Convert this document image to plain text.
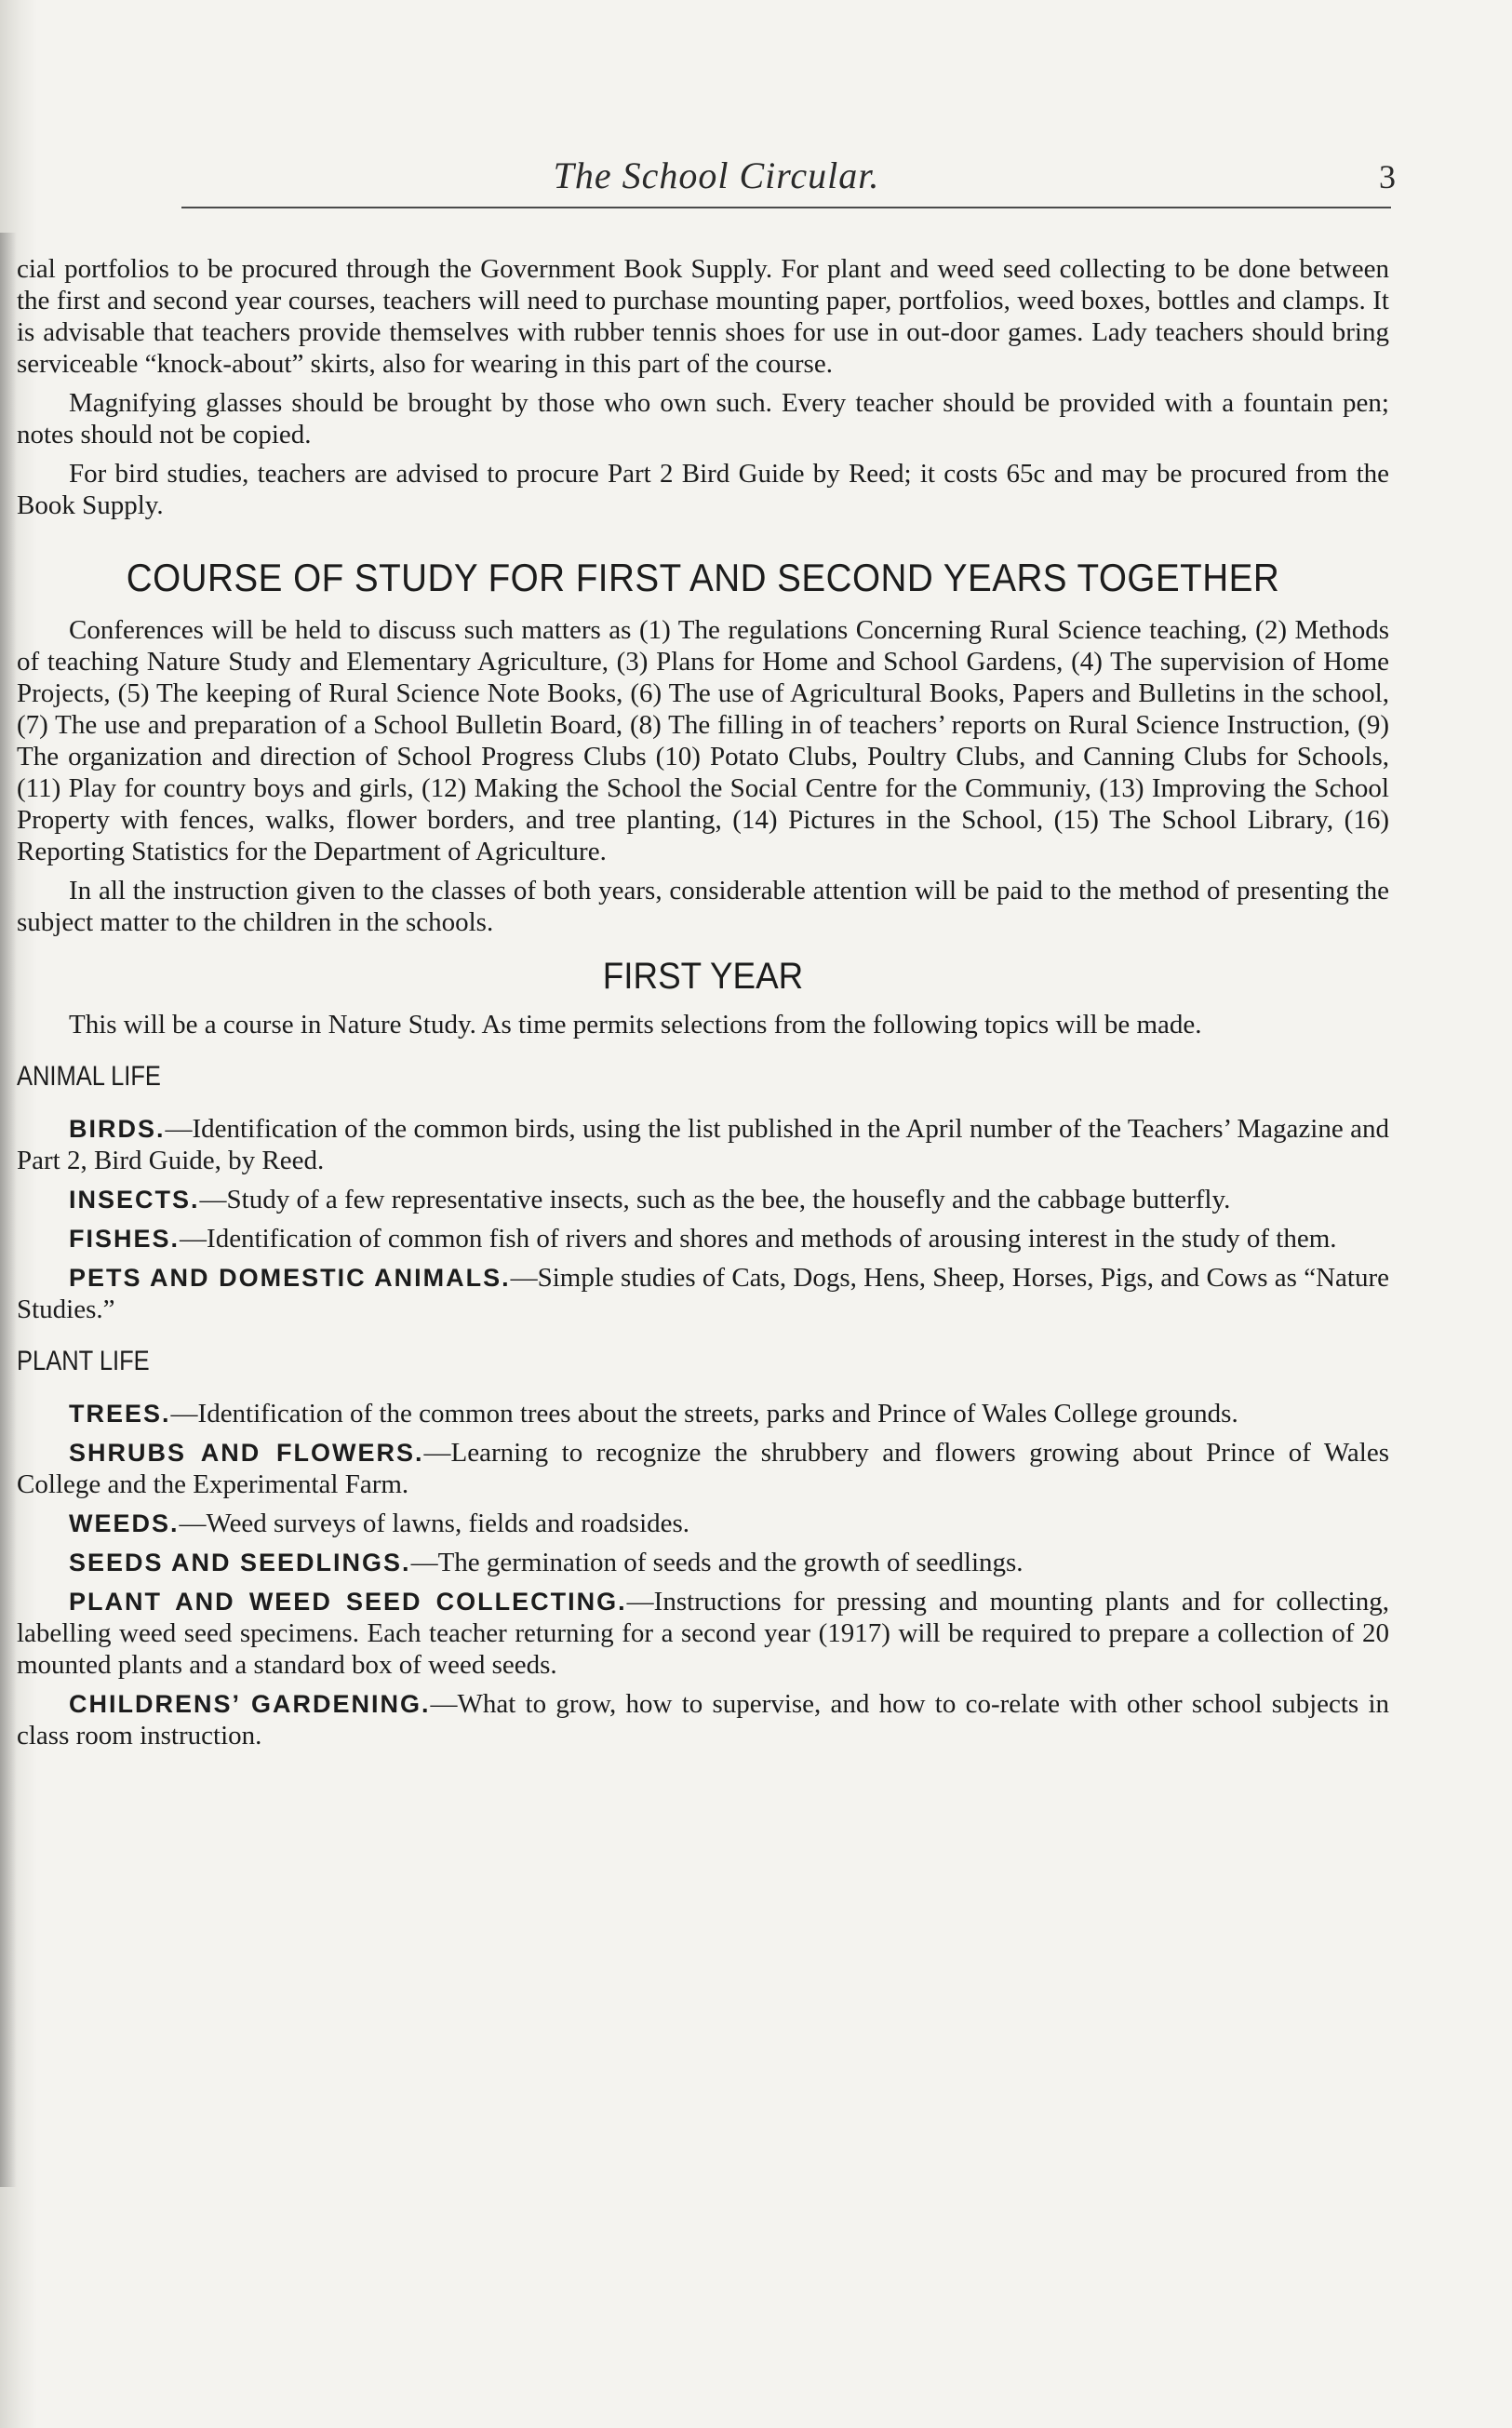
The School Circular.	3

cial portfolios to be procured through the Government Book Supply. For plant and weed seed collecting to be done between the first and second year courses, teachers will need to purchase mounting paper, portfolios, weed boxes, bottles and clamps. It is advisable that teachers provide themselves with rubber tennis shoes for use in out-door games. Lady teachers should bring serviceable “knock-about” skirts, also for wearing in this part of the course.

Magnifying glasses should be brought by those who own such. Every teacher should be provided with a fountain pen; notes should not be copied.

For bird studies, teachers are advised to procure Part 2 Bird Guide by Reed; it costs 65c and may be procured from the Book Supply.

COURSE OF STUDY FOR FIRST AND SECOND YEARS TOGETHER

Conferences will be held to discuss such matters as (1) The regulations Concerning Rural Science teaching, (2) Methods of teaching Nature Study and Elementary Agriculture, (3) Plans for Home and School Gardens, (4) The supervision of Home Projects, (5) The keeping of Rural Science Note Books, (6) The use of Agricultural Books, Papers and Bulletins in the school, (7) The use and preparation of a School Bulletin Board, (8) The filling in of teachers’ reports on Rural Science Instruction, (9) The organization and direction of School Progress Clubs (10) Potato Clubs, Poultry Clubs, and Canning Clubs for Schools, (11) Play for country boys and girls, (12) Making the School the Social Centre for the Communiy, (13) Improving the School Property with fences, walks, flower borders, and tree planting, (14) Pictures in the School, (15) The School Library, (16) Reporting Statistics for the Department of Agriculture.

In all the instruction given to the classes of both years, considerable attention will be paid to the method of presenting the subject matter to the children in the schools.

FIRST YEAR

This will be a course in Nature Study. As time permits selections from the following topics will be made.

ANIMAL LIFE

BIRDS.—Identification of the common birds, using the list published in the April number of the Teachers’ Magazine and Part 2, Bird Guide, by Reed.

INSECTS.—Study of a few representative insects, such as the bee, the housefly and the cabbage butterfly.

FISHES.—Identification of common fish of rivers and shores and methods of arousing interest in the study of them.

PETS AND DOMESTIC ANIMALS.—Simple studies of Cats, Dogs, Hens, Sheep, Horses, Pigs, and Cows as “Nature Studies.”

PLANT LIFE

TREES.—Identification of the common trees about the streets, parks and Prince of Wales College grounds.

SHRUBS AND FLOWERS.—Learning to recognize the shrubbery and flowers growing about Prince of Wales College and the Experimental Farm.

WEEDS.—Weed surveys of lawns, fields and roadsides.

SEEDS AND SEEDLINGS.—The germination of seeds and the growth of seedlings.

PLANT AND WEED SEED COLLECTING.—Instructions for pressing and mounting plants and for collecting, labelling weed seed specimens. Each teacher returning for a second year (1917) will be required to prepare a collection of 20 mounted plants and a standard box of weed seeds.

CHILDRENS’ GARDENING.—What to grow, how to supervise, and how to co-relate with other school subjects in class room instruction.
